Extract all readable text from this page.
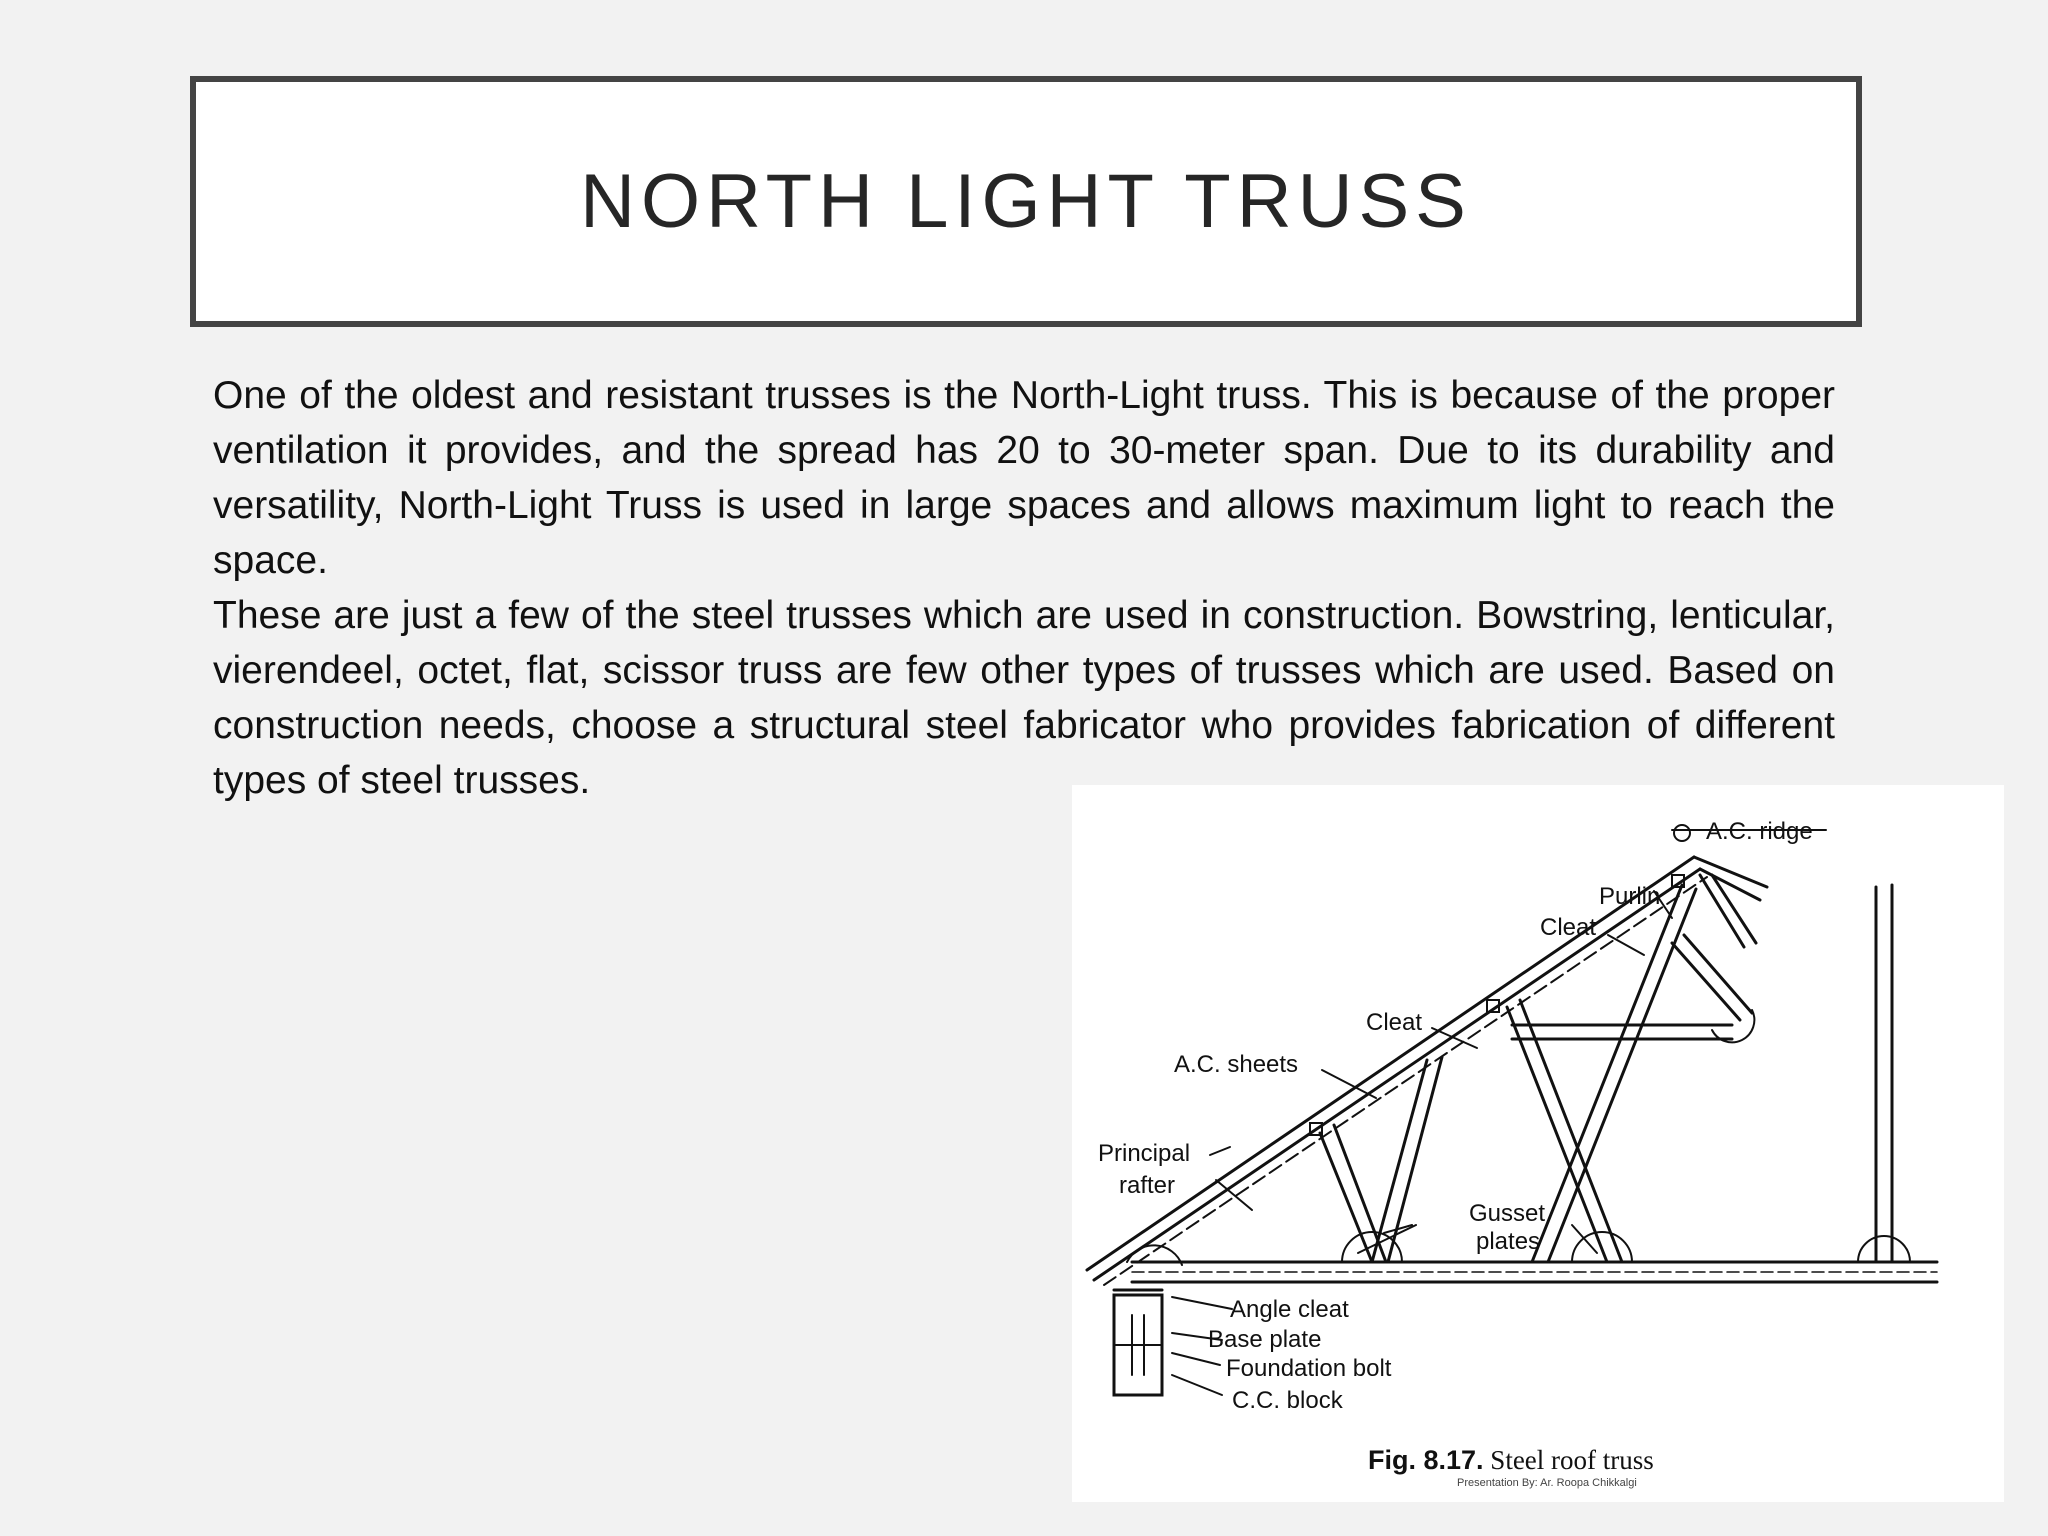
NORTH LIGHT TRUSS

One of the oldest and resistant trusses is the North-Light truss. This is because of the proper ventilation it provides, and the spread has 20 to 30-meter span. Due to its durability and versatility, North-Light Truss is used in large spaces and allows maximum light to reach the space.

These are just a few of the steel trusses which are used in construction. Bowstring, lenticular, vierendeel, octet, flat, scissor truss are few other types of trusses which are used. Based on construction needs, choose a structural steel fabricator who provides fabrication of different types of steel trusses.

A.C. ridge
Purlin
Cleat
Cleat
A.C. sheets
Principal
rafter
Gusset
plates
Angle cleat
Base plate
Foundation bolt
C.C. block
Fig. 8.17. Steel roof truss
Presentation By: Ar. Roopa Chikkalgi
